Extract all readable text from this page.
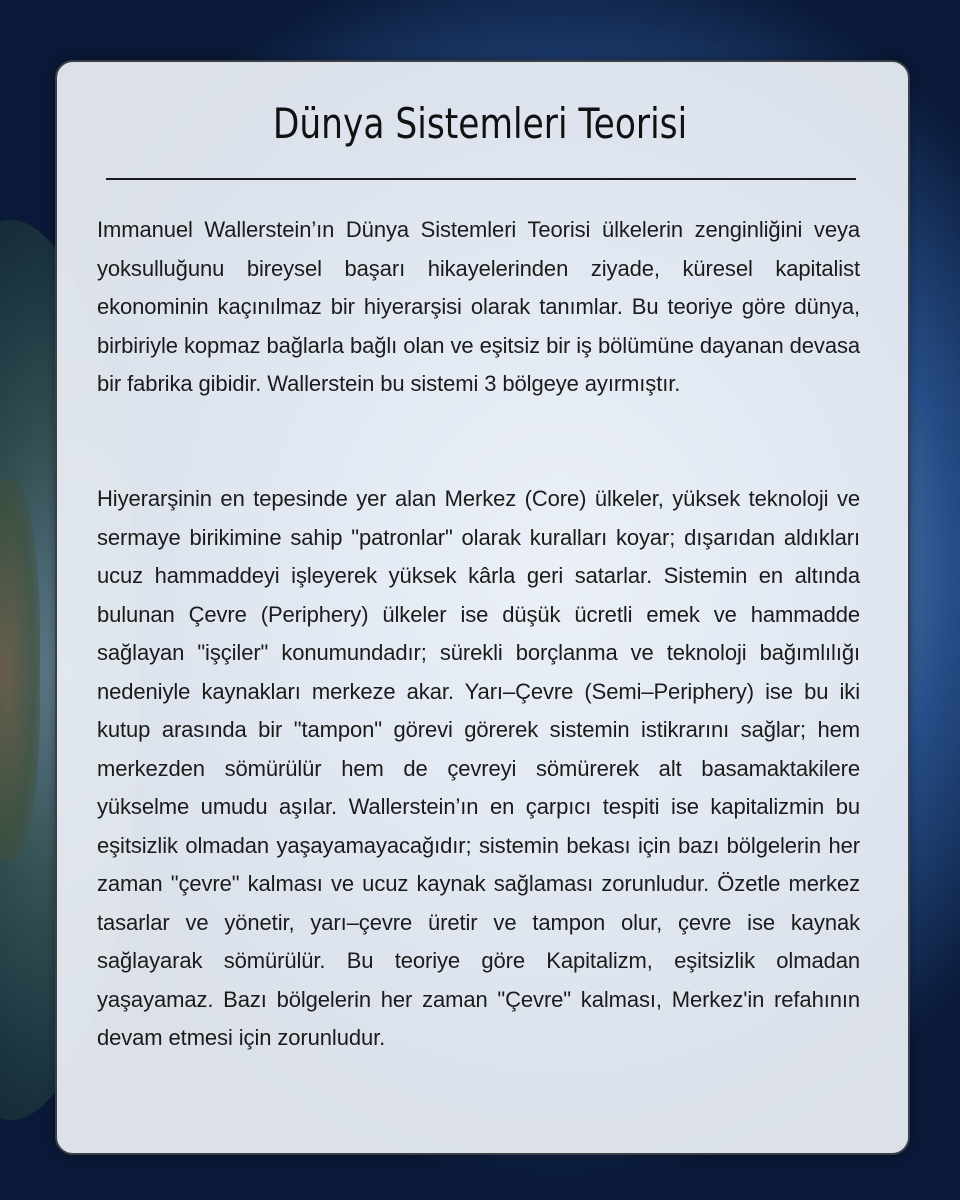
Dünya Sistemleri Teorisi

Immanuel Wallerstein’ın Dünya Sistemleri Teorisi ülkelerin zenginliğini veya yoksulluğunu bireysel başarı hikayelerinden ziyade, küresel kapitalist ekonominin kaçınılmaz bir hiyerarşisi olarak tanımlar. Bu teoriye göre dünya, birbiriyle kopmaz bağlarla bağlı olan ve eşitsiz bir iş bölümüne dayanan devasa bir fabrika gibidir. Wallerstein bu sistemi 3 bölgeye ayırmıştır.

Hiyerarşinin en tepesinde yer alan Merkez (Core) ülkeler, yüksek teknoloji ve sermaye birikimine sahip "patronlar" olarak kuralları koyar; dışarıdan aldıkları ucuz hammaddeyi işleyerek yüksek kârla geri satarlar. Sistemin en altında bulunan Çevre (Periphery) ülkeler ise düşük ücretli emek ve hammadde sağlayan "işçiler" konumundadır; sürekli borçlanma ve teknoloji bağımlılığı nedeniyle kaynakları merkeze akar. Yarı–Çevre (Semi–Periphery) ise bu iki kutup arasında bir "tampon" görevi görerek sistemin istikrarını sağlar; hem merkezden sömürülür hem de çevreyi sömürerek alt basamaktakilere yükselme umudu aşılar. Wallerstein’ın en çarpıcı tespiti ise kapitalizmin bu eşitsizlik olmadan yaşayamayacağıdır; sistemin bekası için bazı bölgelerin her zaman "çevre" kalması ve ucuz kaynak sağlaması zorunludur. Özetle merkez tasarlar ve yönetir, yarı–çevre üretir ve tampon olur, çevre ise kaynak sağlayarak sömürülür. Bu teoriye göre Kapitalizm, eşitsizlik olmadan yaşayamaz. Bazı bölgelerin her zaman "Çevre" kalması, Merkez'in refahının devam etmesi için zorunludur.
